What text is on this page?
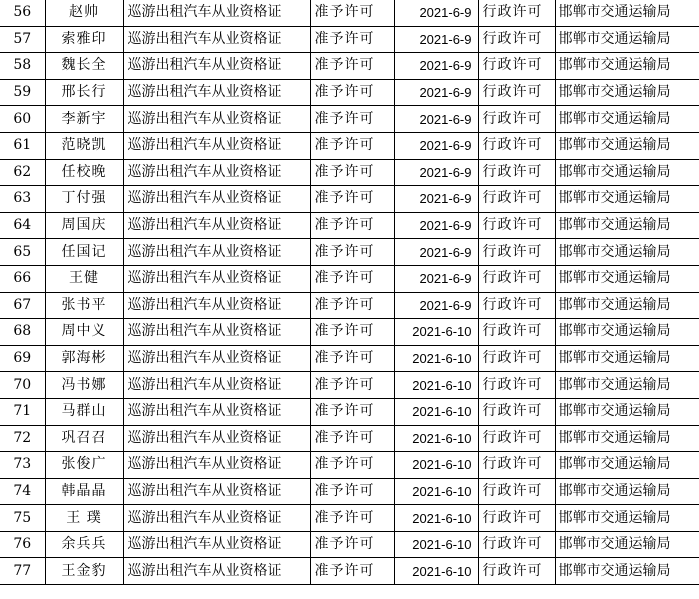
56	赵帅	巡游出租汽车从业资格证	准予许可	2021-6-9	行政许可	邯郸市交通运输局
57	索雅印	巡游出租汽车从业资格证	准予许可	2021-6-9	行政许可	邯郸市交通运输局
58	魏长全	巡游出租汽车从业资格证	准予许可	2021-6-9	行政许可	邯郸市交通运输局
59	邢长行	巡游出租汽车从业资格证	准予许可	2021-6-9	行政许可	邯郸市交通运输局
60	李新宇	巡游出租汽车从业资格证	准予许可	2021-6-9	行政许可	邯郸市交通运输局
61	范晓凯	巡游出租汽车从业资格证	准予许可	2021-6-9	行政许可	邯郸市交通运输局
62	任校晚	巡游出租汽车从业资格证	准予许可	2021-6-9	行政许可	邯郸市交通运输局
63	丁付强	巡游出租汽车从业资格证	准予许可	2021-6-9	行政许可	邯郸市交通运输局
64	周国庆	巡游出租汽车从业资格证	准予许可	2021-6-9	行政许可	邯郸市交通运输局
65	任国记	巡游出租汽车从业资格证	准予许可	2021-6-9	行政许可	邯郸市交通运输局
66	王健	巡游出租汽车从业资格证	准予许可	2021-6-9	行政许可	邯郸市交通运输局
67	张书平	巡游出租汽车从业资格证	准予许可	2021-6-9	行政许可	邯郸市交通运输局
68	周中义	巡游出租汽车从业资格证	准予许可	2021-6-10	行政许可	邯郸市交通运输局
69	郭海彬	巡游出租汽车从业资格证	准予许可	2021-6-10	行政许可	邯郸市交通运输局
70	冯书娜	巡游出租汽车从业资格证	准予许可	2021-6-10	行政许可	邯郸市交通运输局
71	马群山	巡游出租汽车从业资格证	准予许可	2021-6-10	行政许可	邯郸市交通运输局
72	巩召召	巡游出租汽车从业资格证	准予许可	2021-6-10	行政许可	邯郸市交通运输局
73	张俊广	巡游出租汽车从业资格证	准予许可	2021-6-10	行政许可	邯郸市交通运输局
74	韩晶晶	巡游出租汽车从业资格证	准予许可	2021-6-10	行政许可	邯郸市交通运输局
75	王 璞	巡游出租汽车从业资格证	准予许可	2021-6-10	行政许可	邯郸市交通运输局
76	余兵兵	巡游出租汽车从业资格证	准予许可	2021-6-10	行政许可	邯郸市交通运输局
77	王金豹	巡游出租汽车从业资格证	准予许可	2021-6-10	行政许可	邯郸市交通运输局
